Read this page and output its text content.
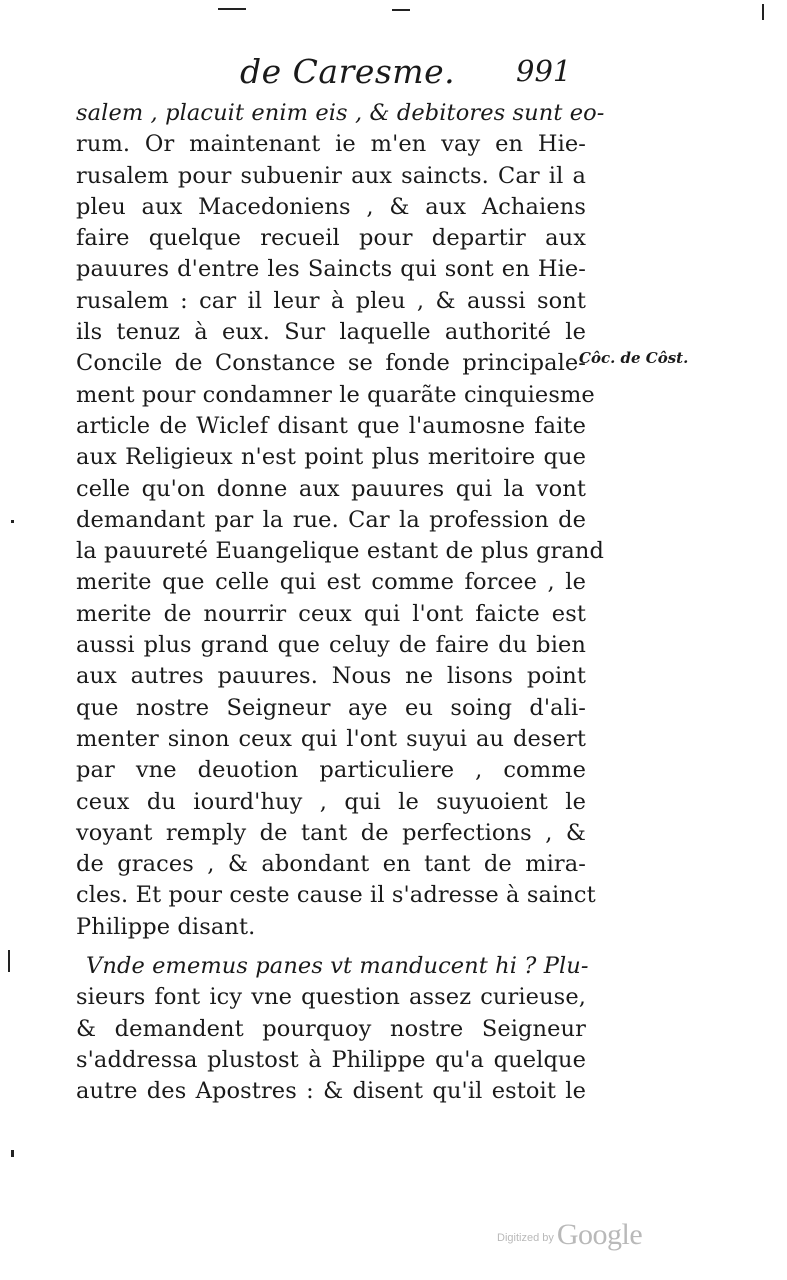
de Caresme. 991
salem , placuit enim eis , & debitores sunt eo-
rum. Or maintenant ie m'en vay en Hie-
rusalem pour subuenir aux saincts. Car il a
pleu aux Macedoniens , & aux Achaiens
faire quelque recueil pour departir aux
pauures d'entre les Saincts qui sont en Hie-
rusalem : car il leur à pleu , & aussi sont
ils tenuz à eux. Sur laquelle authorité le
Concile de Constance se fonde principale-
ment pour condamner le quarãte cinquiesme
article de Wiclef disant que l'aumosne faite
aux Religieux n'est point plus meritoire que
celle qu'on donne aux pauures qui la vont
demandant par la rue. Car la profession de
la pauureté Euangelique estant de plus grand
merite que celle qui est comme forcee , le
merite de nourrir ceux qui l'ont faicte est
aussi plus grand que celuy de faire du bien
aux autres pauures. Nous ne lisons point
que nostre Seigneur aye eu soing d'ali-
menter sinon ceux qui l'ont suyui au desert
par vne deuotion particuliere , comme
ceux du iourd'huy , qui le suyuoient le
voyant remply de tant de perfections , &
de graces , & abondant en tant de mira-
cles. Et pour ceste cause il s'adresse à sainct
Philippe disant.
Vnde ememus panes vt manducent hi ? Plu-
sieurs font icy vne question assez curieuse,
& demandent pourquoy nostre Seigneur
s'addressa plustost à Philippe qu'a quelque
autre des Apostres : & disent qu'il estoit le
Côc. de Côst.
Digitized by Google
